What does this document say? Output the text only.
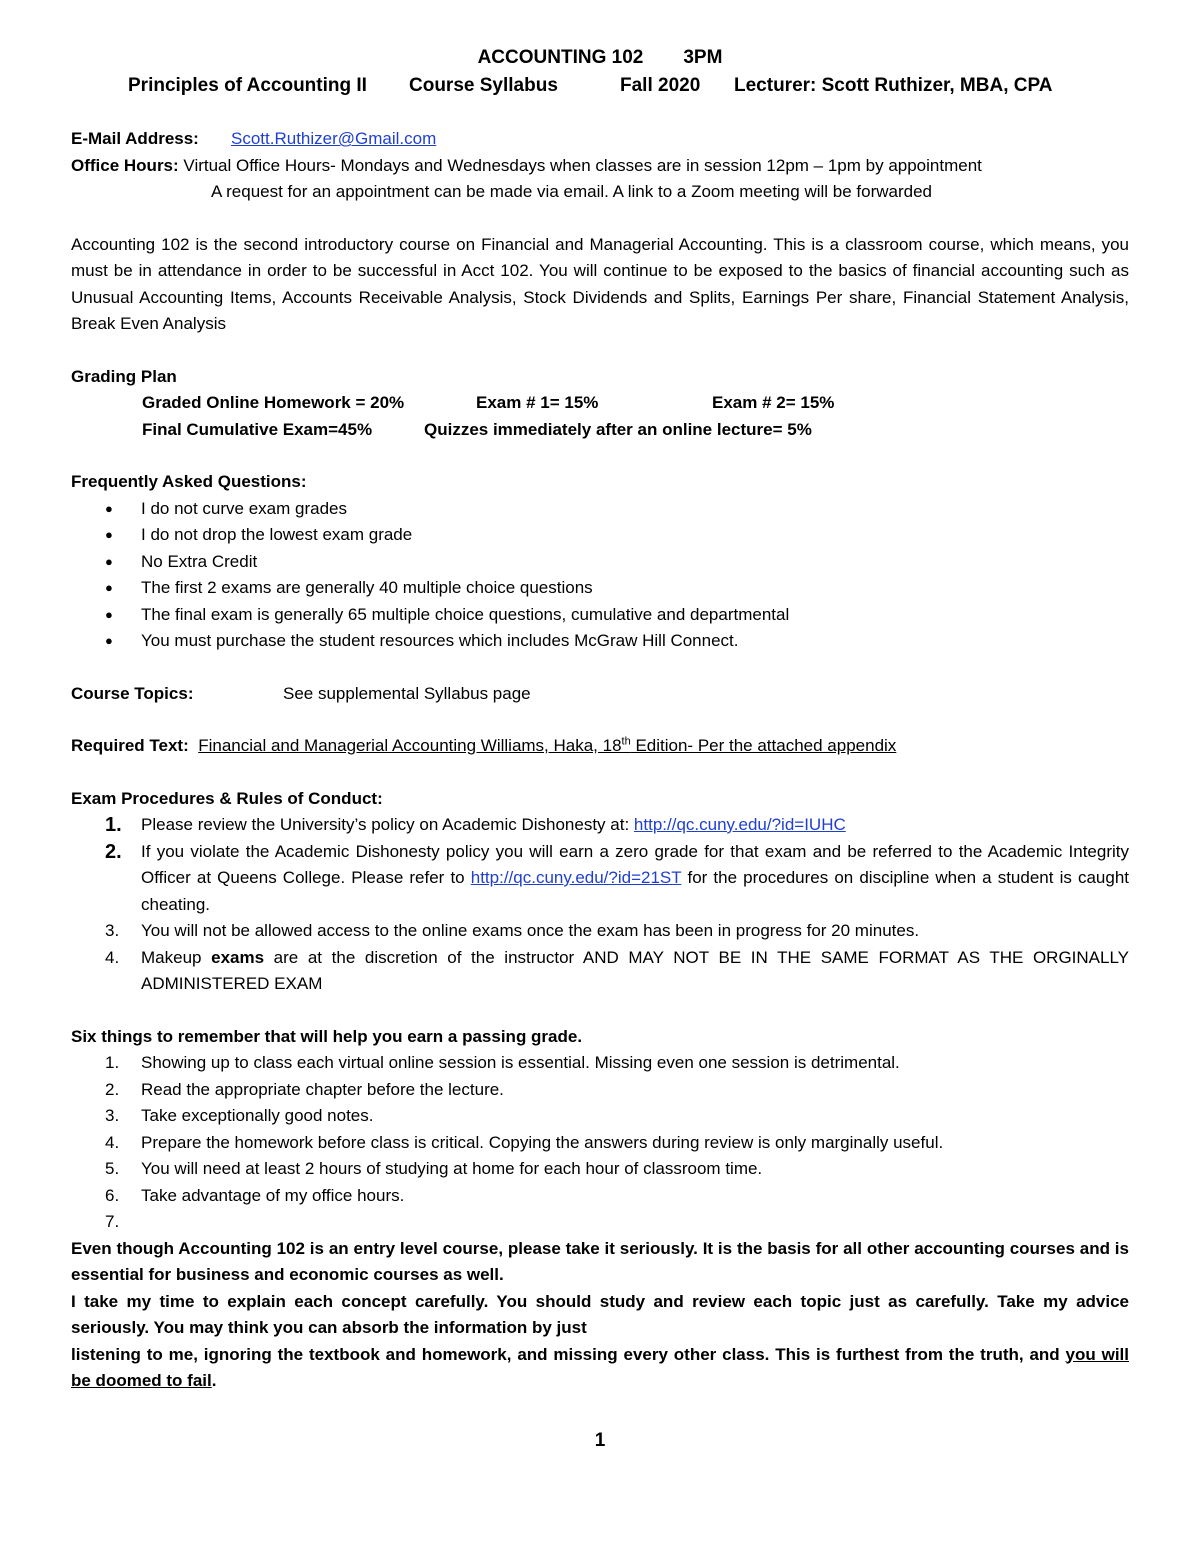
ACCOUNTING 102 3PM
Principles of Accounting II	Course Syllabus	Fall 2020	Lecturer: Scott Ruthizer, MBA, CPA
E-Mail Address: Scott.Ruthizer@Gmail.com
Office Hours: Virtual Office Hours- Mondays and Wednesdays when classes are in session 12pm – 1pm by appointment
A request for an appointment can be made via email. A link to a Zoom meeting will be forwarded
Accounting 102 is the second introductory course on Financial and Managerial Accounting. This is a classroom course, which means, you must be in attendance in order to be successful in Acct 102. You will continue to be exposed to the basics of financial accounting such as Unusual Accounting Items, Accounts Receivable Analysis, Stock Dividends and Splits, Earnings Per share, Financial Statement Analysis, Break Even Analysis
Grading Plan
Graded Online Homework = 20%	Exam # 1= 15%	Exam # 2= 15%
Final Cumulative Exam=45%	Quizzes immediately after an online lecture= 5%
Frequently Asked Questions:
●	I do not curve exam grades
●	I do not drop the lowest exam grade
●	No Extra Credit
●	The first 2 exams are generally 40 multiple choice questions
●	The final exam is generally 65 multiple choice questions, cumulative and departmental
●	You must purchase the student resources which includes McGraw Hill Connect.
Course Topics:	See supplemental Syllabus page
Required Text: Financial and Managerial Accounting Williams, Haka, 18th Edition- Per the attached appendix
Exam Procedures & Rules of Conduct:
1.	Please review the University’s policy on Academic Dishonesty at: http://qc.cuny.edu/?id=IUHC
2.	If you violate the Academic Dishonesty policy you will earn a zero grade for that exam and be referred to the Academic Integrity Officer at Queens College. Please refer to http://qc.cuny.edu/?id=21ST for the procedures on discipline when a student is caught cheating.
3.	You will not be allowed access to the online exams once the exam has been in progress for 20 minutes.
4.	Makeup exams are at the discretion of the instructor AND MAY NOT BE IN THE SAME FORMAT AS THE ORGINALLY ADMINISTERED EXAM
Six things to remember that will help you earn a passing grade.
1.	Showing up to class each virtual online session is essential. Missing even one session is detrimental.
2.	Read the appropriate chapter before the lecture.
3.	Take exceptionally good notes.
4.	Prepare the homework before class is critical. Copying the answers during review is only marginally useful.
5.	You will need at least 2 hours of studying at home for each hour of classroom time.
6.	Take advantage of my office hours.
7.
Even though Accounting 102 is an entry level course, please take it seriously. It is the basis for all other accounting courses and is essential for business and economic courses as well.
I take my time to explain each concept carefully. You should study and review each topic just as carefully. Take my advice seriously. You may think you can absorb the information by just
listening to me, ignoring the textbook and homework, and missing every other class. This is furthest from the truth, and you will be doomed to fail.
1
